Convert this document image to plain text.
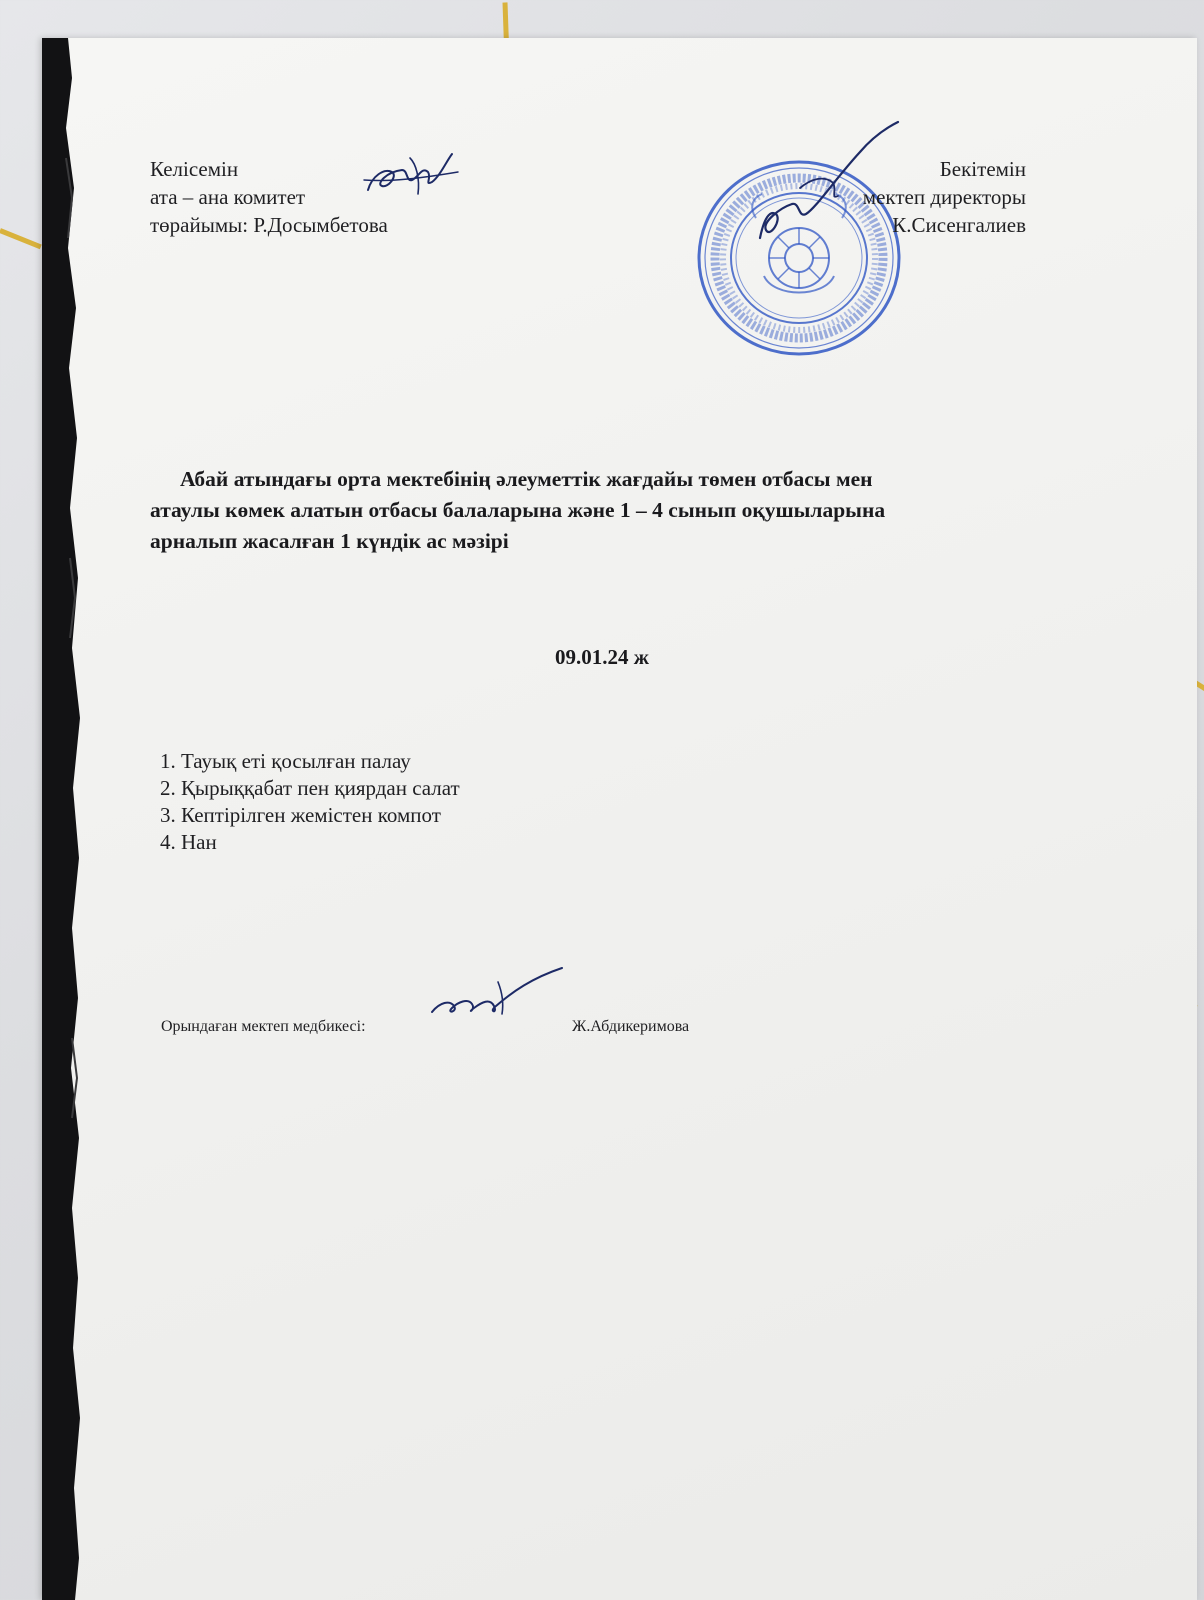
Келісемін
ата – ана комитет
төрайымы: Р.Досымбетова
Бекітемін
мектеп директоры
К.Сисенгалиев
Абай атындағы орта мектебінің әлеуметтік жағдайы төмен отбасы мен
атаулы көмек алатын отбасы балаларына және 1 – 4 сынып оқушыларына
арналып жасалған 1 күндік ас мәзірі
09.01.24 ж
1. Тауық еті қосылған палау
2. Қырыққабат пен қиярдан салат
3. Кептірілген жемістен компот
4. Нан
Орындаған мектеп медбикесі:	Ж.Абдикеримова
